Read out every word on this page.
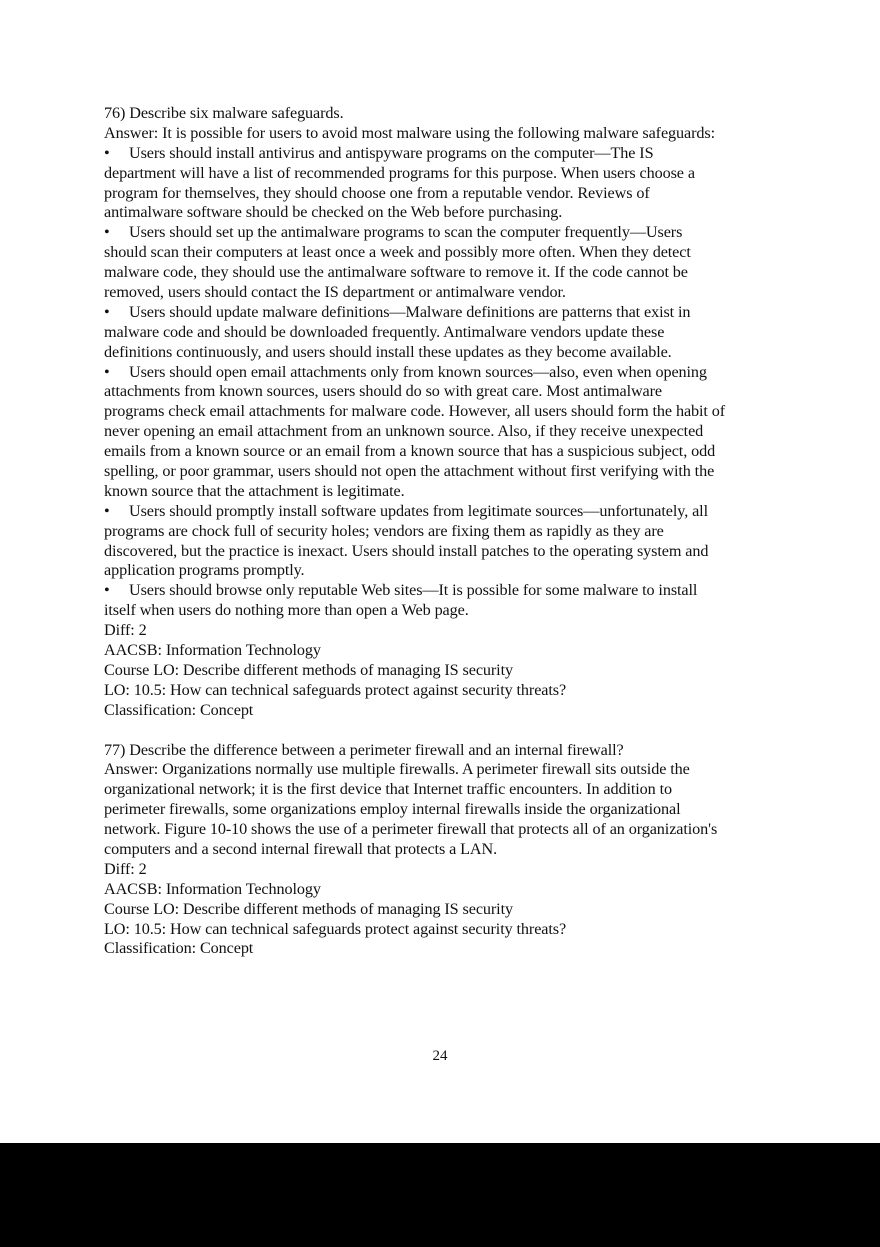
76) Describe six malware safeguards.
Answer: It is possible for users to avoid most malware using the following malware safeguards:
• Users should install antivirus and antispyware programs on the computer—The IS
department will have a list of recommended programs for this purpose. When users choose a
program for themselves, they should choose one from a reputable vendor. Reviews of
antimalware software should be checked on the Web before purchasing.
• Users should set up the antimalware programs to scan the computer frequently—Users
should scan their computers at least once a week and possibly more often. When they detect
malware code, they should use the antimalware software to remove it. If the code cannot be
removed, users should contact the IS department or antimalware vendor.
• Users should update malware definitions—Malware definitions are patterns that exist in
malware code and should be downloaded frequently. Antimalware vendors update these
definitions continuously, and users should install these updates as they become available.
• Users should open email attachments only from known sources—also, even when opening
attachments from known sources, users should do so with great care. Most antimalware
programs check email attachments for malware code. However, all users should form the habit of
never opening an email attachment from an unknown source. Also, if they receive unexpected
emails from a known source or an email from a known source that has a suspicious subject, odd
spelling, or poor grammar, users should not open the attachment without first verifying with the
known source that the attachment is legitimate.
• Users should promptly install software updates from legitimate sources—unfortunately, all
programs are chock full of security holes; vendors are fixing them as rapidly as they are
discovered, but the practice is inexact. Users should install patches to the operating system and
application programs promptly.
• Users should browse only reputable Web sites—It is possible for some malware to install
itself when users do nothing more than open a Web page.
Diff: 2
AACSB: Information Technology
Course LO: Describe different methods of managing IS security
LO: 10.5: How can technical safeguards protect against security threats?
Classification: Concept
77) Describe the difference between a perimeter firewall and an internal firewall?
Answer: Organizations normally use multiple firewalls. A perimeter firewall sits outside the
organizational network; it is the first device that Internet traffic encounters. In addition to
perimeter firewalls, some organizations employ internal firewalls inside the organizational
network. Figure 10-10 shows the use of a perimeter firewall that protects all of an organization's
computers and a second internal firewall that protects a LAN.
Diff: 2
AACSB: Information Technology
Course LO: Describe different methods of managing IS security
LO: 10.5: How can technical safeguards protect against security threats?
Classification: Concept
24
